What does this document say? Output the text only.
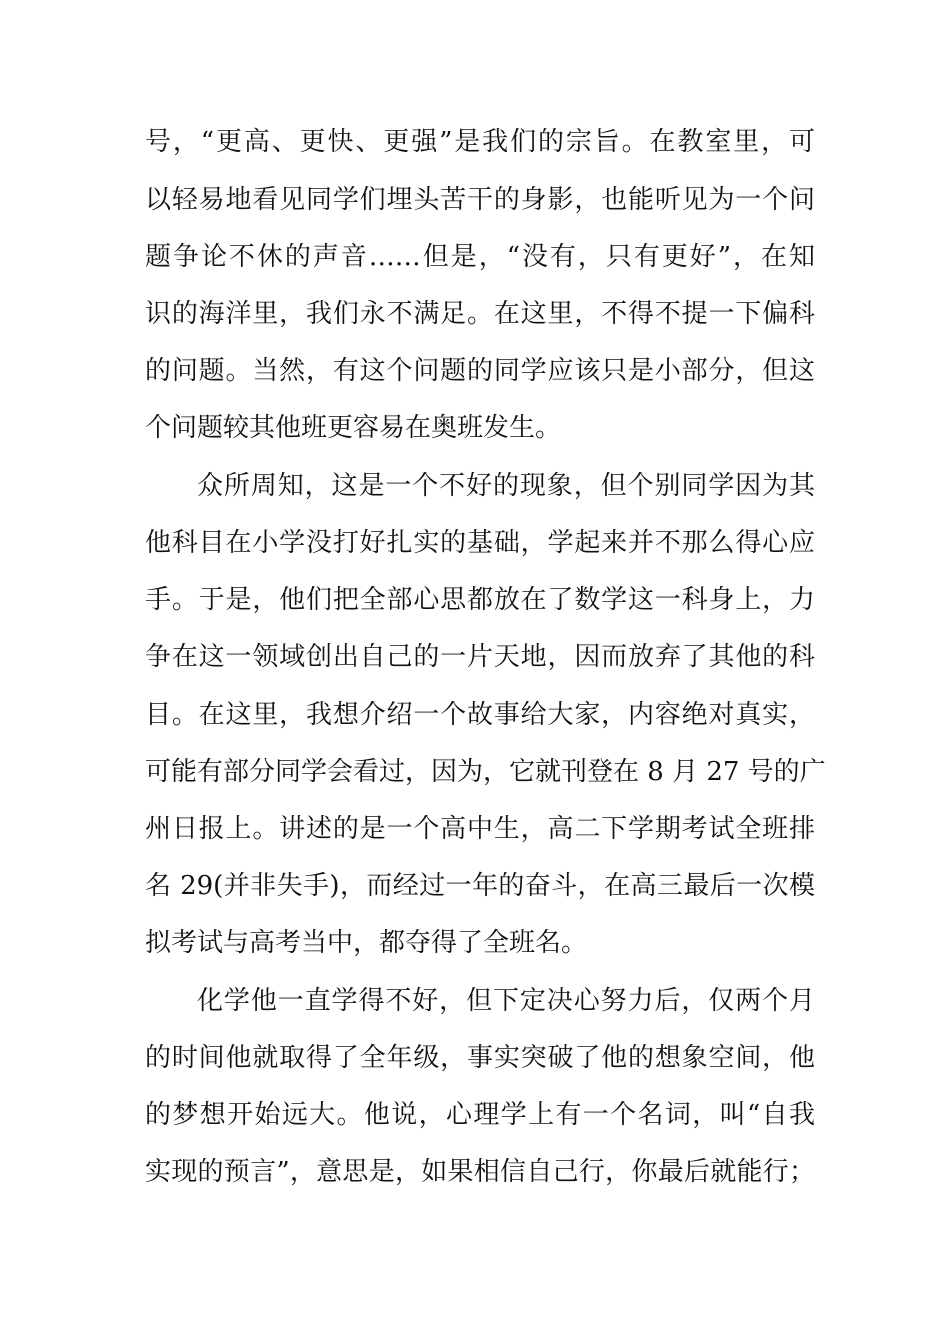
号，“更高、更快、更强”是我们的宗旨。在教室里，可
以轻易地看见同学们埋头苦干的身影，也能听见为一个问
题争论不休的声音……但是，“没有，只有更好”，在知
识的海洋里，我们永不满足。在这里，不得不提一下偏科
的问题。当然，有这个问题的同学应该只是小部分，但这
个问题较其他班更容易在奥班发生。
众所周知，这是一个不好的现象，但个别同学因为其
他科目在小学没打好扎实的基础，学起来并不那么得心应
手。于是，他们把全部心思都放在了数学这一科身上，力
争在这一领域创出自己的一片天地，因而放弃了其他的科
目。在这里，我想介绍一个故事给大家，内容绝对真实，
可能有部分同学会看过，因为，它就刊登在 8 月 27 号的广
州日报上。讲述的是一个高中生，高二下学期考试全班排
名 29(并非失手)，而经过一年的奋斗，在高三最后一次模
拟考试与高考当中，都夺得了全班名。
化学他一直学得不好，但下定决心努力后，仅两个月
的时间他就取得了全年级，事实突破了他的想象空间，他
的梦想开始远大。他说，心理学上有一个名词，叫“自我
实现的预言”，意思是，如果相信自己行，你最后就能行；
